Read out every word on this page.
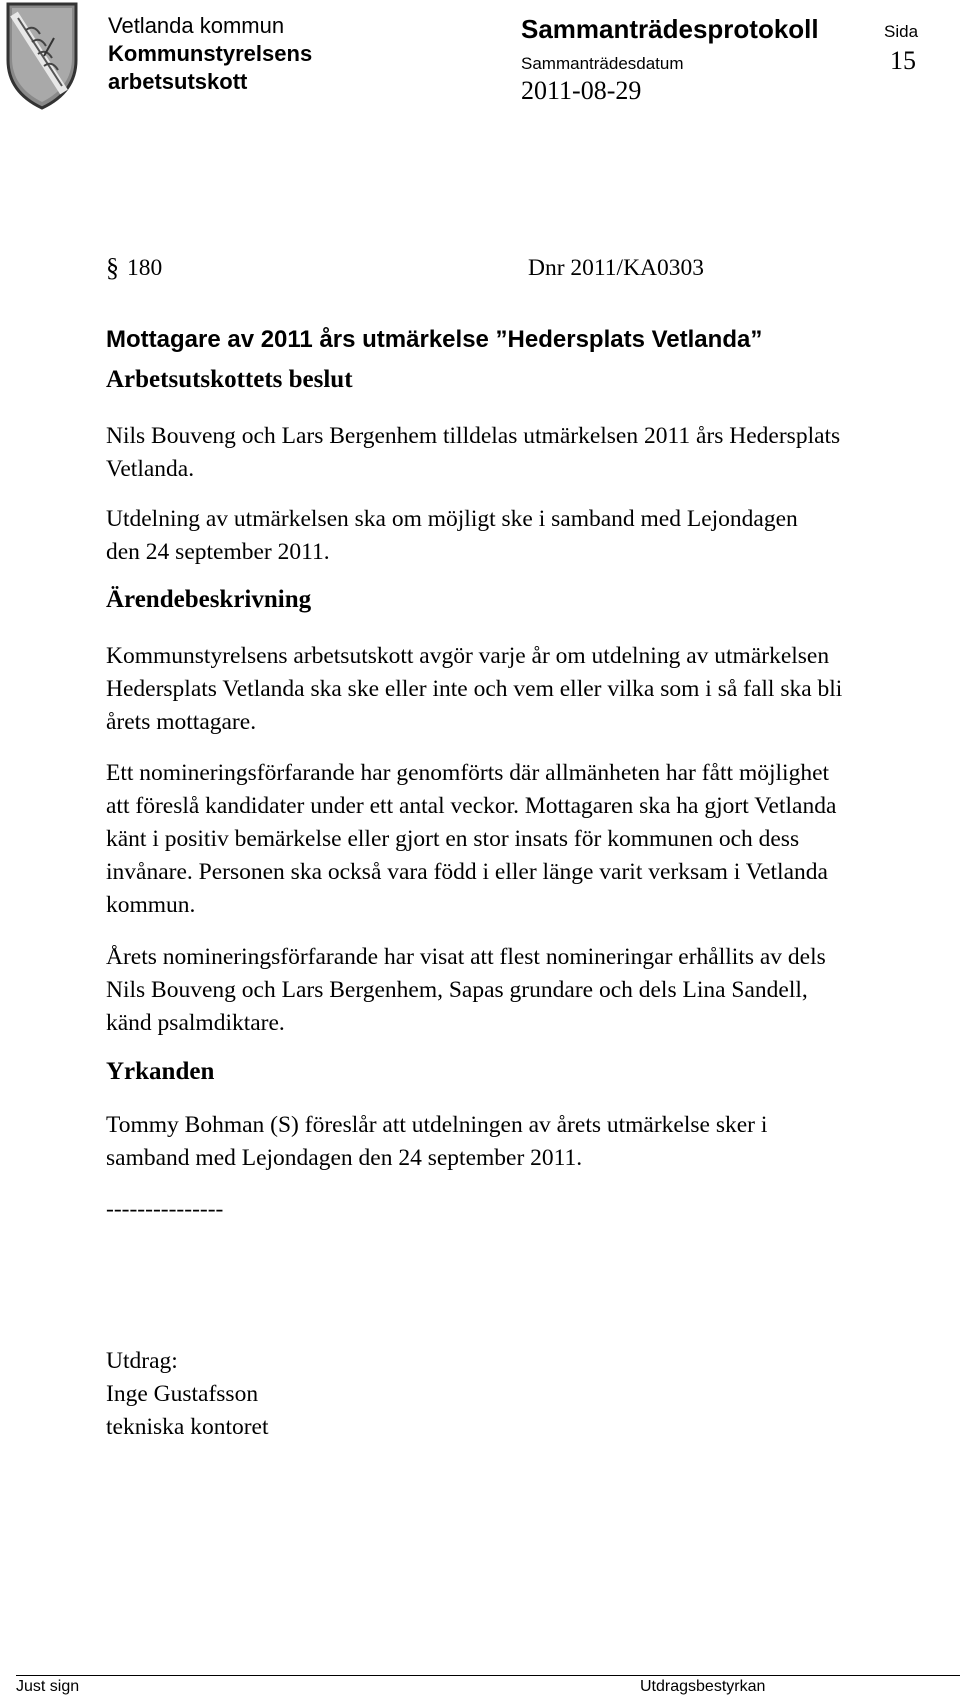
Vetlanda kommun
Kommunstyrelsens
arbetsutskott
Sammanträdesprotokoll
Sammanträdesdatum
2011-08-29
Sida
15
§ 180	Dnr 2011/KA0303
Mottagare av 2011 års utmärkelse ”Hedersplats Vetlanda”
Arbetsutskottets beslut
Nils Bouveng och Lars Bergenhem tilldelas utmärkelsen 2011 års Hedersplats
Vetlanda.
Utdelning av utmärkelsen ska om möjligt ske i samband med Lejondagen
den 24 september 2011.
Ärendebeskrivning
Kommunstyrelsens arbetsutskott avgör varje år om utdelning av utmärkelsen
Hedersplats Vetlanda ska ske eller inte och vem eller vilka som i så fall ska bli
årets mottagare.
Ett nomineringsförfarande har genomförts där allmänheten har fått möjlighet
att föreslå kandidater under ett antal veckor. Mottagaren ska ha gjort Vetlanda
känt i positiv bemärkelse eller gjort en stor insats för kommunen och dess
invånare. Personen ska också vara född i eller länge varit verksam i Vetlanda
kommun.
Årets nomineringsförfarande har visat att flest nomineringar erhållits av dels
Nils Bouveng och Lars Bergenhem, Sapas grundare och dels Lina Sandell,
känd psalmdiktare.
Yrkanden
Tommy Bohman (S) föreslår att utdelningen av årets utmärkelse sker i
samband med Lejondagen den 24 september 2011.
---------------
Utdrag:
Inge Gustafsson
tekniska kontoret
Just sign	Utdragsbestyrkan
